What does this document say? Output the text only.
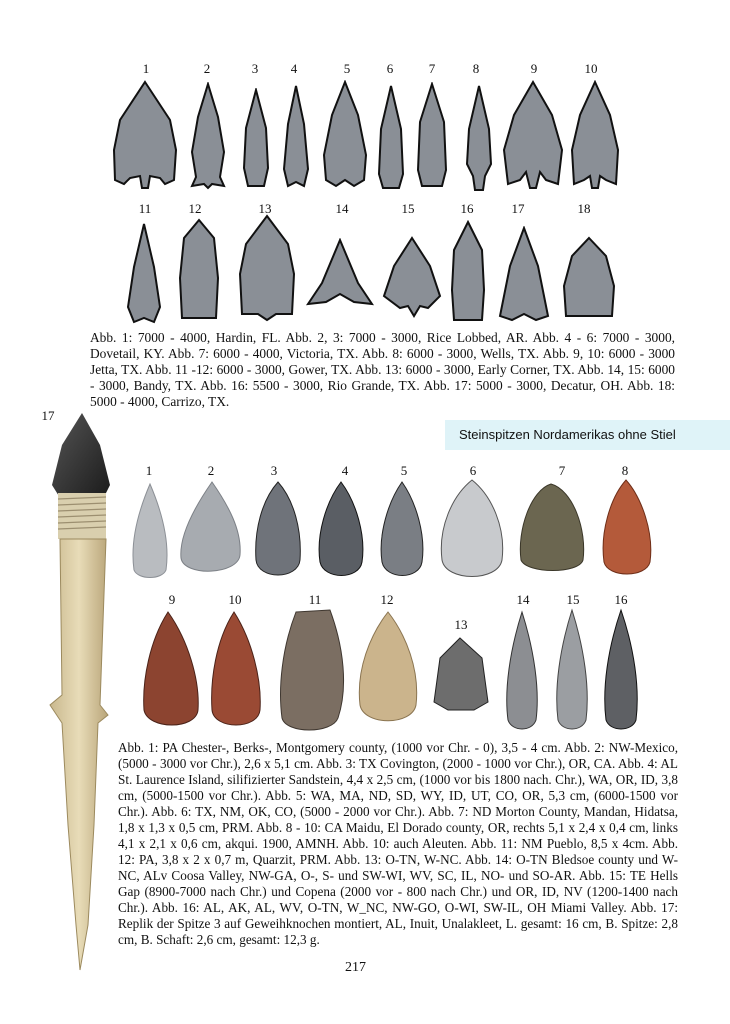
1	2	3	4	5	6	7	8	9	10
11	12	13	14	15	16	17	18
Abb. 1: 7000 - 4000, Hardin, FL. Abb. 2, 3: 7000 - 3000, Rice Lobbed, AR. Abb. 4 - 6: 7000 - 3000, Dovetail, KY. Abb. 7: 6000 - 4000, Victoria, TX. Abb. 8: 6000 - 3000, Wells, TX. Abb. 9, 10: 6000 - 3000 Jetta, TX. Abb. 11 -12: 6000 - 3000, Gower, TX. Abb. 13: 6000 - 3000, Early Corner, TX. Abb. 14, 15: 6000 - 3000, Bandy, TX. Abb. 16: 5500 - 3000, Rio Grande, TX. Abb. 17: 5000 - 3000, Decatur, OH. Abb. 18: 5000 - 4000, Carrizo, TX.
Steinspitzen Nordamerikas ohne Stiel
17
1	2	3	4	5	6	7	8
9	10	11	12
13
14	15	16
Abb. 1: PA Chester-, Berks-, Montgomery county, (1000 vor Chr. - 0), 3,5 - 4 cm. Abb. 2: NW-Mexico, (5000 - 3000 vor Chr.), 2,6 x 5,1 cm. Abb. 3: TX Covington, (2000 - 1000 vor Chr.), OR, CA. Abb. 4: AL St. Laurence Island, silifizierter Sandstein, 4,4 x 2,5 cm, (1000 vor bis 1800 nach. Chr.), WA, OR, ID, 3,8 cm, (5000-1500 vor Chr.). Abb. 5: WA, MA, ND, SD, WY, ID, UT, CO, OR, 5,3 cm, (6000-1500 vor Chr.). Abb. 6: TX, NM, OK, CO, (5000 - 2000 vor Chr.). Abb. 7: ND Morton County, Mandan, Hidatsa, 1,8 x 1,3 x 0,5 cm, PRM. Abb. 8 - 10: CA Maidu, El Dorado county, OR, rechts 5,1 x 2,4 x 0,4 cm, links 4,1 x 2,1 x 0,6 cm, akqui. 1900, AMNH. Abb. 10: auch Aleuten. Abb. 11: NM Pueblo, 8,5 x 4cm. Abb. 12: PA, 3,8 x 2 x 0,7 m, Quarzit, PRM. Abb. 13: O-TN, W-NC. Abb. 14: O-TN Bledsoe county und W-NC, ALv Coosa Valley, NW-GA, O-, S- und SW-WI, WV, SC, IL, NO- und SO-AR. Abb. 15: TE Hells Gap (8900-7000 nach Chr.) und Copena (2000 vor - 800 nach Chr.) und OR, ID, NV (1200-1400 nach Chr.). Abb. 16: AL, AK, AL, WV, O-TN, W_NC, NW-GO, O-WI, SW-IL, OH Miami Valley. Abb. 17: Replik der Spitze 3 auf Geweihknochen montiert, AL, Inuit, Unalakleet, L. gesamt: 16 cm, B. Spitze: 2,8 cm, B. Schaft: 2,6 cm, gesamt: 12,3 g.
217
